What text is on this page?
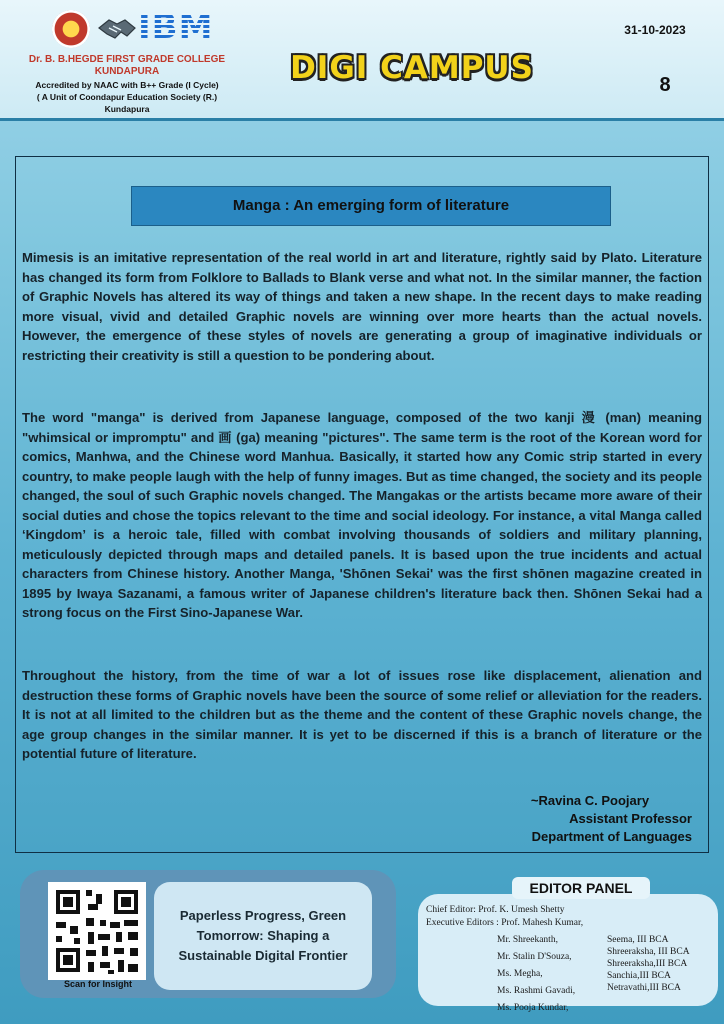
IBM
Dr. B. B.HEGDE FIRST GRADE COLLEGE
KUNDAPURA
Accredited by NAAC with B++ Grade (I Cycle)
( A Unit of Coondapur Education Society (R.)
Kundapura
DIGI CAMPUS
31-10-2023
8
Manga : An emerging form of literature
Mimesis is an imitative representation of the real world in art and literature, rightly said by Plato. Literature has changed its form from Folklore to Ballads to Blank verse and what not. In the similar manner, the faction of Graphic Novels has altered its way of things and taken a new shape. In the recent days to make reading more visual, vivid and detailed Graphic novels are winning over more hearts than the actual novels. However, the emergence of these styles of novels are generating a group of imaginative individuals or restricting their creativity is still a question to be pondering about.
The word "manga" is derived from Japanese language, composed of the two kanji 漫 (man) meaning "whimsical or impromptu" and 画 (ga) meaning "pictures". The same term is the root of the Korean word for comics, Manhwa, and the Chinese word Manhua. Basically, it started how any Comic strip started in every country, to make people laugh with the help of funny images. But as time changed, the society and its people changed, the soul of such Graphic novels changed. The Mangakas or the artists became more aware of their social duties and chose the topics relevant to the time and social ideology. For instance, a vital Manga called ‘Kingdom’ is a heroic tale, filled with combat involving thousands of soldiers and military planning, meticulously depicted through maps and detailed panels. It is based upon the true incidents and actual characters from Chinese history. Another Manga, 'Shōnen Sekai' was the first shōnen magazine created in 1895 by Iwaya Sazanami, a famous writer of Japanese children's literature back then. Shōnen Sekai had a strong focus on the First Sino-Japanese War.
Throughout the history, from the time of war a lot of issues rose like displacement, alienation and destruction these forms of Graphic novels have been the source of some relief or alleviation for the readers. It is not at all limited to the children but as the theme and the content of these Graphic novels change, the age group changes in the similar manner. It is yet to be discerned if this is a branch of literature or the potential future of literature.
~Ravina C. Poojary
Assistant Professor
Department of Languages
Scan for Insight
Paperless Progress, Green Tomorrow: Shaping a Sustainable Digital Frontier
EDITOR PANEL
Chief Editor: Prof. K. Umesh Shetty
Executive Editors : Prof. Mahesh Kumar,
Mr. Shreekanth,
Mr. Stalin D'Souza,
Ms. Megha,
Ms. Rashmi Gavadi,
Ms. Pooja Kundar,
Seema, III BCA
Shreeraksha, III BCA
Shreeraksha,III BCA
Sanchia,III BCA
Netravathi,III BCA
